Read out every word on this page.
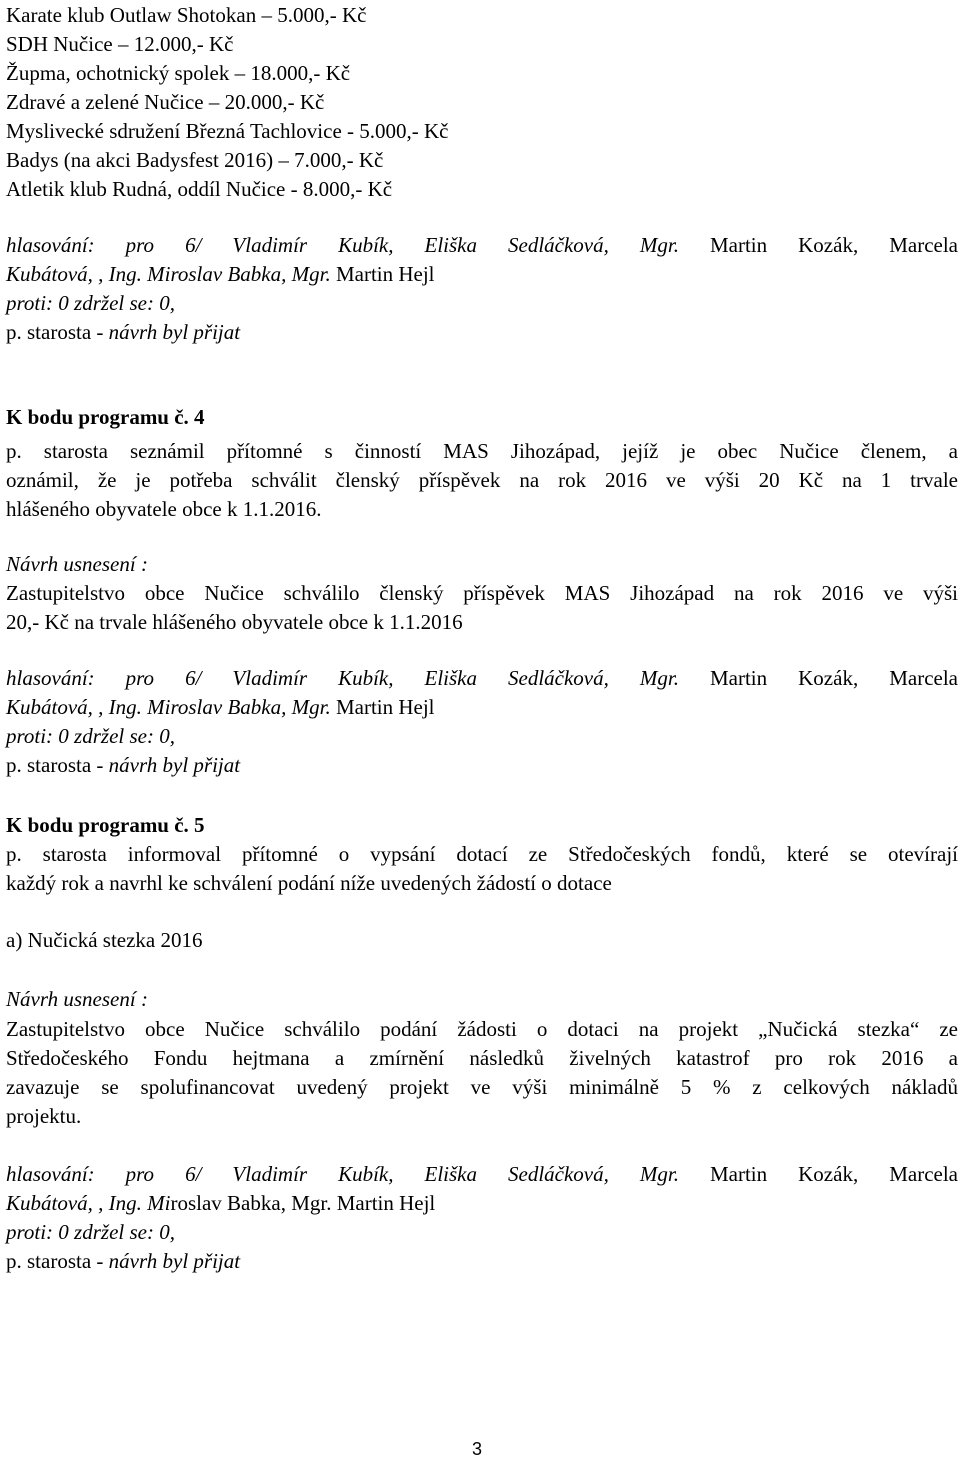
Karate klub Outlaw Shotokan – 5.000,- Kč
SDH Nučice – 12.000,- Kč
Župma, ochotnický spolek – 18.000,- Kč
Zdravé a zelené Nučice – 20.000,- Kč
Myslivecké sdružení Březná Tachlovice - 5.000,- Kč
Badys (na akci Badysfest 2016) – 7.000,- Kč
Atletik klub Rudná, oddíl Nučice - 8.000,- Kč
hlasování: pro 6/ Vladimír Kubík, Eliška Sedláčková, Mgr. Martin Kozák, Marcela
Kubátová, , Ing. Miroslav Babka, Mgr. Martin Hejl
proti: 0 zdržel se: 0,
p. starosta - návrh byl přijat
K bodu programu č. 4
p. starosta seznámil přítomné s činností MAS Jihozápad, jejíž je obec Nučice členem, a
oznámil, že je potřeba schválit členský příspěvek na rok 2016 ve výši 20 Kč na 1 trvale
hlášeného obyvatele obce k 1.1.2016.
Návrh usnesení :
Zastupitelstvo obce Nučice schválilo členský příspěvek MAS Jihozápad na rok 2016 ve výši
20,- Kč na trvale hlášeného obyvatele obce k 1.1.2016
hlasování: pro 6/ Vladimír Kubík, Eliška Sedláčková, Mgr. Martin Kozák, Marcela
Kubátová, , Ing. Miroslav Babka, Mgr. Martin Hejl
proti: 0 zdržel se: 0,
p. starosta - návrh byl přijat
K bodu programu č. 5
p. starosta informoval přítomné o vypsání dotací ze Středočeských fondů, které se otevírají
každý rok a navrhl ke schválení podání níže uvedených žádostí o dotace
a) Nučická stezka 2016
Návrh usnesení :
Zastupitelstvo obce Nučice schválilo podání žádosti o dotaci na projekt „Nučická stezka“ ze
Středočeského Fondu hejtmana a zmírnění následků živelných katastrof pro rok 2016 a
zavazuje se spolufinancovat uvedený projekt ve výši minimálně 5 % z celkových nákladů
projektu.
hlasování: pro 6/ Vladimír Kubík, Eliška Sedláčková, Mgr. Martin Kozák, Marcela
Kubátová, , Ing. Miroslav Babka, Mgr. Martin Hejl
proti: 0 zdržel se: 0,
p. starosta - návrh byl přijat
3
